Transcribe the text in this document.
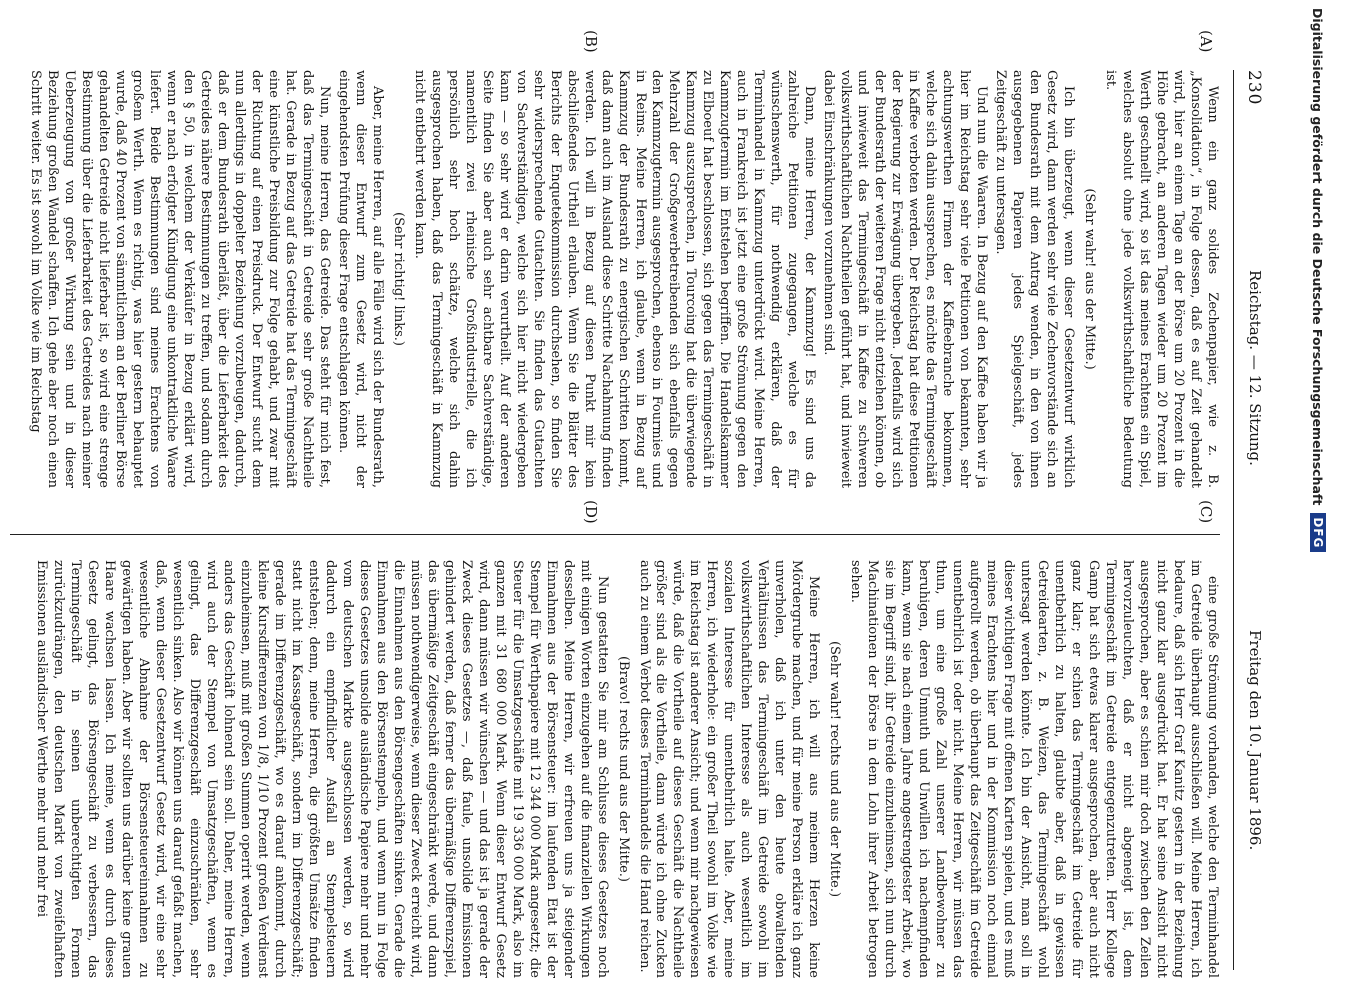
230
Reichstag. — 12. Sitzung.
Freitag den 10. Januar 1896.
(A)
(B)
(C)
(D)

Wenn ein ganz solides Zechenpapier, wie z. B. „Konsolidation“, in Folge dessen, daß es auf Zeit gehandelt wird, hier an einem Tage an der Börse um 20 Prozent in die Höhe gebracht, an anderen Tagen wieder um 20 Prozent im Werth geschnellt wird, so ist das meines Erachtens ein Spiel, welches absolut ohne jede volkswirthschaftliche Bedeutung ist.

(Sehr wahr! aus der Mitte.)

Ich bin überzeugt, wenn dieser Gesetzentwurf wirklich Gesetz wird, dann werden sehr viele Zechenvorstände sich an den Bundesrath mit dem Antrag wenden, in den von ihnen ausgegebenen Papieren jedes Spielgeschäft, jedes Zeitgeschäft zu untersagen.

Und nun die Waaren. In Bezug auf den Kaffee haben wir ja hier im Reichstag sehr viele Petitionen von bekannten, sehr achtungswerthen Firmen der Kaffeebranche bekommen, welche sich dahin aussprechen, es möchte das Termingeschäft in Kaffee verboten werden. Der Reichstag hat diese Petitionen der Regierung zur Erwägung übergeben. Jedenfalls wird sich der Bundesrath der weiteren Frage nicht entziehen können, ob und inwieweit das Termingeschäft in Kaffee zu schweren volkswirthschaftlichen Nachtheilen geführt hat, und inwieweit dabei Einschränkungen vorzunehmen sind.

Dann, meine Herren, der Kammzug! Es sind uns da zahlreiche Petitionen zugegangen, welche es für wünschenswerth, für nothwendig erklären, daß der Terminhandel in Kammzug unterdrückt wird. Meine Herren, auch in Frankreich ist jetzt eine große Strömung gegen den Kammzugtermin im Entstehen begriffen. Die Handelskammer zu Elboeuf hat beschlossen, sich gegen das Termingeschäft in Kammzug auszusprechen, in Tourcoing hat die überwiegende Mehrzahl der Großgewerbetreibenden sich ebenfalls gegen den Kammzugtermin ausgesprochen, ebenso in Fourmies und in Reims. Meine Herren, ich glaube, wenn in Bezug auf Kammzug der Bundesrath zu energischen Schritten kommt, daß dann auch im Ausland diese Schritte Nachahmung finden werden. Ich will in Bezug auf diesen Punkt mir kein abschließendes Urtheil erlauben. Wenn Sie die Blätter des Berichts der Enquetekommission durchsehen, so finden Sie sehr widersprechende Gutachten. Sie finden das Gutachten von Sachverständigen, welche sich hier nicht wiedergeben kann — so sehr wird er darin verurtheilt. Auf der anderen Seite finden Sie aber auch sehr achtbare Sachverständige, namentlich zwei rheinische Großindustrielle, die ich persönlich sehr hoch schätze, welche sich dahin ausgesprochen haben, daß das Termingeschäft in Kammzug nicht entbehrt werden kann.

(Sehr richtig! links.)

Aber, meine Herren, auf alle Fälle wird sich der Bundesrath, wenn dieser Entwurf zum Gesetz wird, nicht der eingehendsten Prüfung dieser Frage entschlagen können.

Nun, meine Herren, das Getreide. Das steht für mich fest, daß das Termingeschäft in Getreide sehr große Nachtheile hat. Gerade in Bezug auf das Getreide hat das Termingeschäft eine künstliche Preisbildung zur Folge gehabt, und zwar mit der Richtung auf einen Preisdruck. Der Entwurf sucht dem nun allerdings in doppelter Beziehung vorzubeugen, dadurch, daß er dem Bundesrath überläßt, über die Lieferbarkeit des Getreides nähere Bestimmungen zu treffen, und sodann durch den § 50, in welchem der Verkäufer in Bezug erklärt wird, wenn er nach erfolgter Kündigung eine unkontraktliche Waare liefert. Beide Bestimmungen sind meines Erachtens von großem Werth. Wenn es richtig, was hier gestern behauptet wurde, daß 40 Prozent von sämmtlichem an der Berliner Börse gehandelten Getreide nicht lieferbar ist, so wird eine strenge Bestimmung über die Lieferbarkeit des Getreides nach meiner Ueberzeugung von großer Wirkung sein und in dieser Beziehung großen Wandel schaffen. Ich gehe aber noch einen Schritt weiter. Es ist sowohl im Volke wie im Reichstag

eine große Strömung vorhanden, welche den Terminhandel im Getreide überhaupt ausschließen will. Meine Herren, ich bedaure, daß sich Herr Graf Kanitz gestern in der Beziehung nicht ganz klar ausgedrückt hat. Er hat seine Ansicht nicht ausgesprochen, aber es schien mir doch zwischen den Zeilen hervorzuleuchten, daß er nicht abgeneigt ist, dem Termingeschäft im Getreide entgegenzutreten. Herr Kollege Gamp hat sich etwas klarer ausgesprochen, aber auch nicht ganz klar; er schien das Termingeschäft im Getreide für unentbehrlich zu halten, glaubte aber, daß in gewissen Getreidearten, z. B. Weizen, das Termingeschäft wohl untersagt werden könnte. Ich bin der Ansicht, man soll in dieser wichtigen Frage mit offenen Karten spielen, und es muß meines Erachtens hier und in der Kommission noch einmal aufgerollt werden, ob überhaupt das Zeitgeschäft im Getreide unentbehrlich ist oder nicht. Meine Herren, wir müssen das thun, um eine große Zahl unserer Landbewohner zu beruhigen, deren Unmuth und Unwillen ich nachempfinden kann, wenn sie nach einem Jahre angestrengtester Arbeit, wo sie im Begriff sind, ihr Getreide einzuheimsen, sich nun durch Machinationen der Börse in dem Lohn ihrer Arbeit betrogen sehen.

(Sehr wahr! rechts und aus der Mitte.)

Meine Herren, ich will aus meinem Herzen keine Mördergrube machen, und für meine Person erkläre ich ganz unverholen, daß ich unter den heute obwaltenden Verhältnissen das Termingeschäft im Getreide sowohl im volkswirthschaftlichen Interesse als auch wesentlich im sozialen Interesse für unentbehrlich halte. Aber, meine Herren, ich wiederhole: ein großer Theil sowohl im Volke wie im Reichstag ist anderer Ansicht; und wenn mir nachgewiesen würde, daß die Vortheile auf dieses Geschäft die Nachtheile größer sind als die Vortheile, dann würde ich ohne Zucken auch zu einem Verbot dieses Terminhandels die Hand reichen.

(Bravo! rechts und aus der Mitte.)

Nun gestatten Sie mir am Schlusse dieses Gesetzes noch mit einigen Worten einzugehen auf die finanziellen Wirkungen desselben. Meine Herren, wir erfreuen uns ja steigender Einnahmen aus der Börsensteuer: im laufenden Etat ist der Stempel für Werthpapiere mit 12 344 000 Mark angesetzt; die Steuer für die Umsatzgeschäfte mit 19 336 000 Mark, also im ganzen mit 31 680 000 Mark. Wenn dieser Entwurf Gesetz wird, dann müssen wir wünschen — und das ist ja gerade der Zweck dieses Gesetzes —, daß faule, unsolide Emissionen gehindert werden, daß ferner das übermäßige Differenzspiel, das übermäßige Zeitgeschäft eingeschränkt werde, und dann müssen nothwendigerweise, wenn dieser Zweck erreicht wird, die Einnahmen aus den Börsengeschäften sinken. Gerade die Einnahmen aus den Börsenstempeln, und wenn nun in Folge dieses Gesetzes unsolide ausländische Papiere mehr und mehr vom deutschen Markte ausgeschlossen werden, so wird dadurch ein empfindlicher Ausfall an Stempelsteuern entstehen; denn, meine Herren, die größten Umsätze finden statt nicht im Kassageschäft, sondern im Differenzgeschäft; gerade im Differenzgeschäft, wo es darauf ankommt, durch kleine Kursdifferenzen von 1/8, 1/10 Prozent großen Verdienst einzuheimsen, muß mit großen Summen operirt werden, wenn anders das Geschäft lohnend sein soll. Daher, meine Herren, wird auch der Stempel von Umsatzgeschäften, wenn es gelingt, das Differenzgeschäft einzuschränken, sehr wesentlich sinken. Also wir können uns darauf gefaßt machen, daß, wenn dieser Gesetzentwurf Gesetz wird, wir eine sehr wesentliche Abnahme der Börsensteuereinnahmen zu gewärtigen haben. Aber wir sollten uns darüber keine grauen Haare wachsen lassen. Ich meine, wenn es durch dieses Gesetz gelingt, das Börsengeschäft zu verbessern, das Termingeschäft in seinen unberechtigten Formen zurückzudrängen, den deutschen Markt von zweifelhaften Emissionen ausländischer Werthe mehr und mehr frei

Digitalisierung gefördert durch die Deutsche Forschungsgemeinschaft
DFG
